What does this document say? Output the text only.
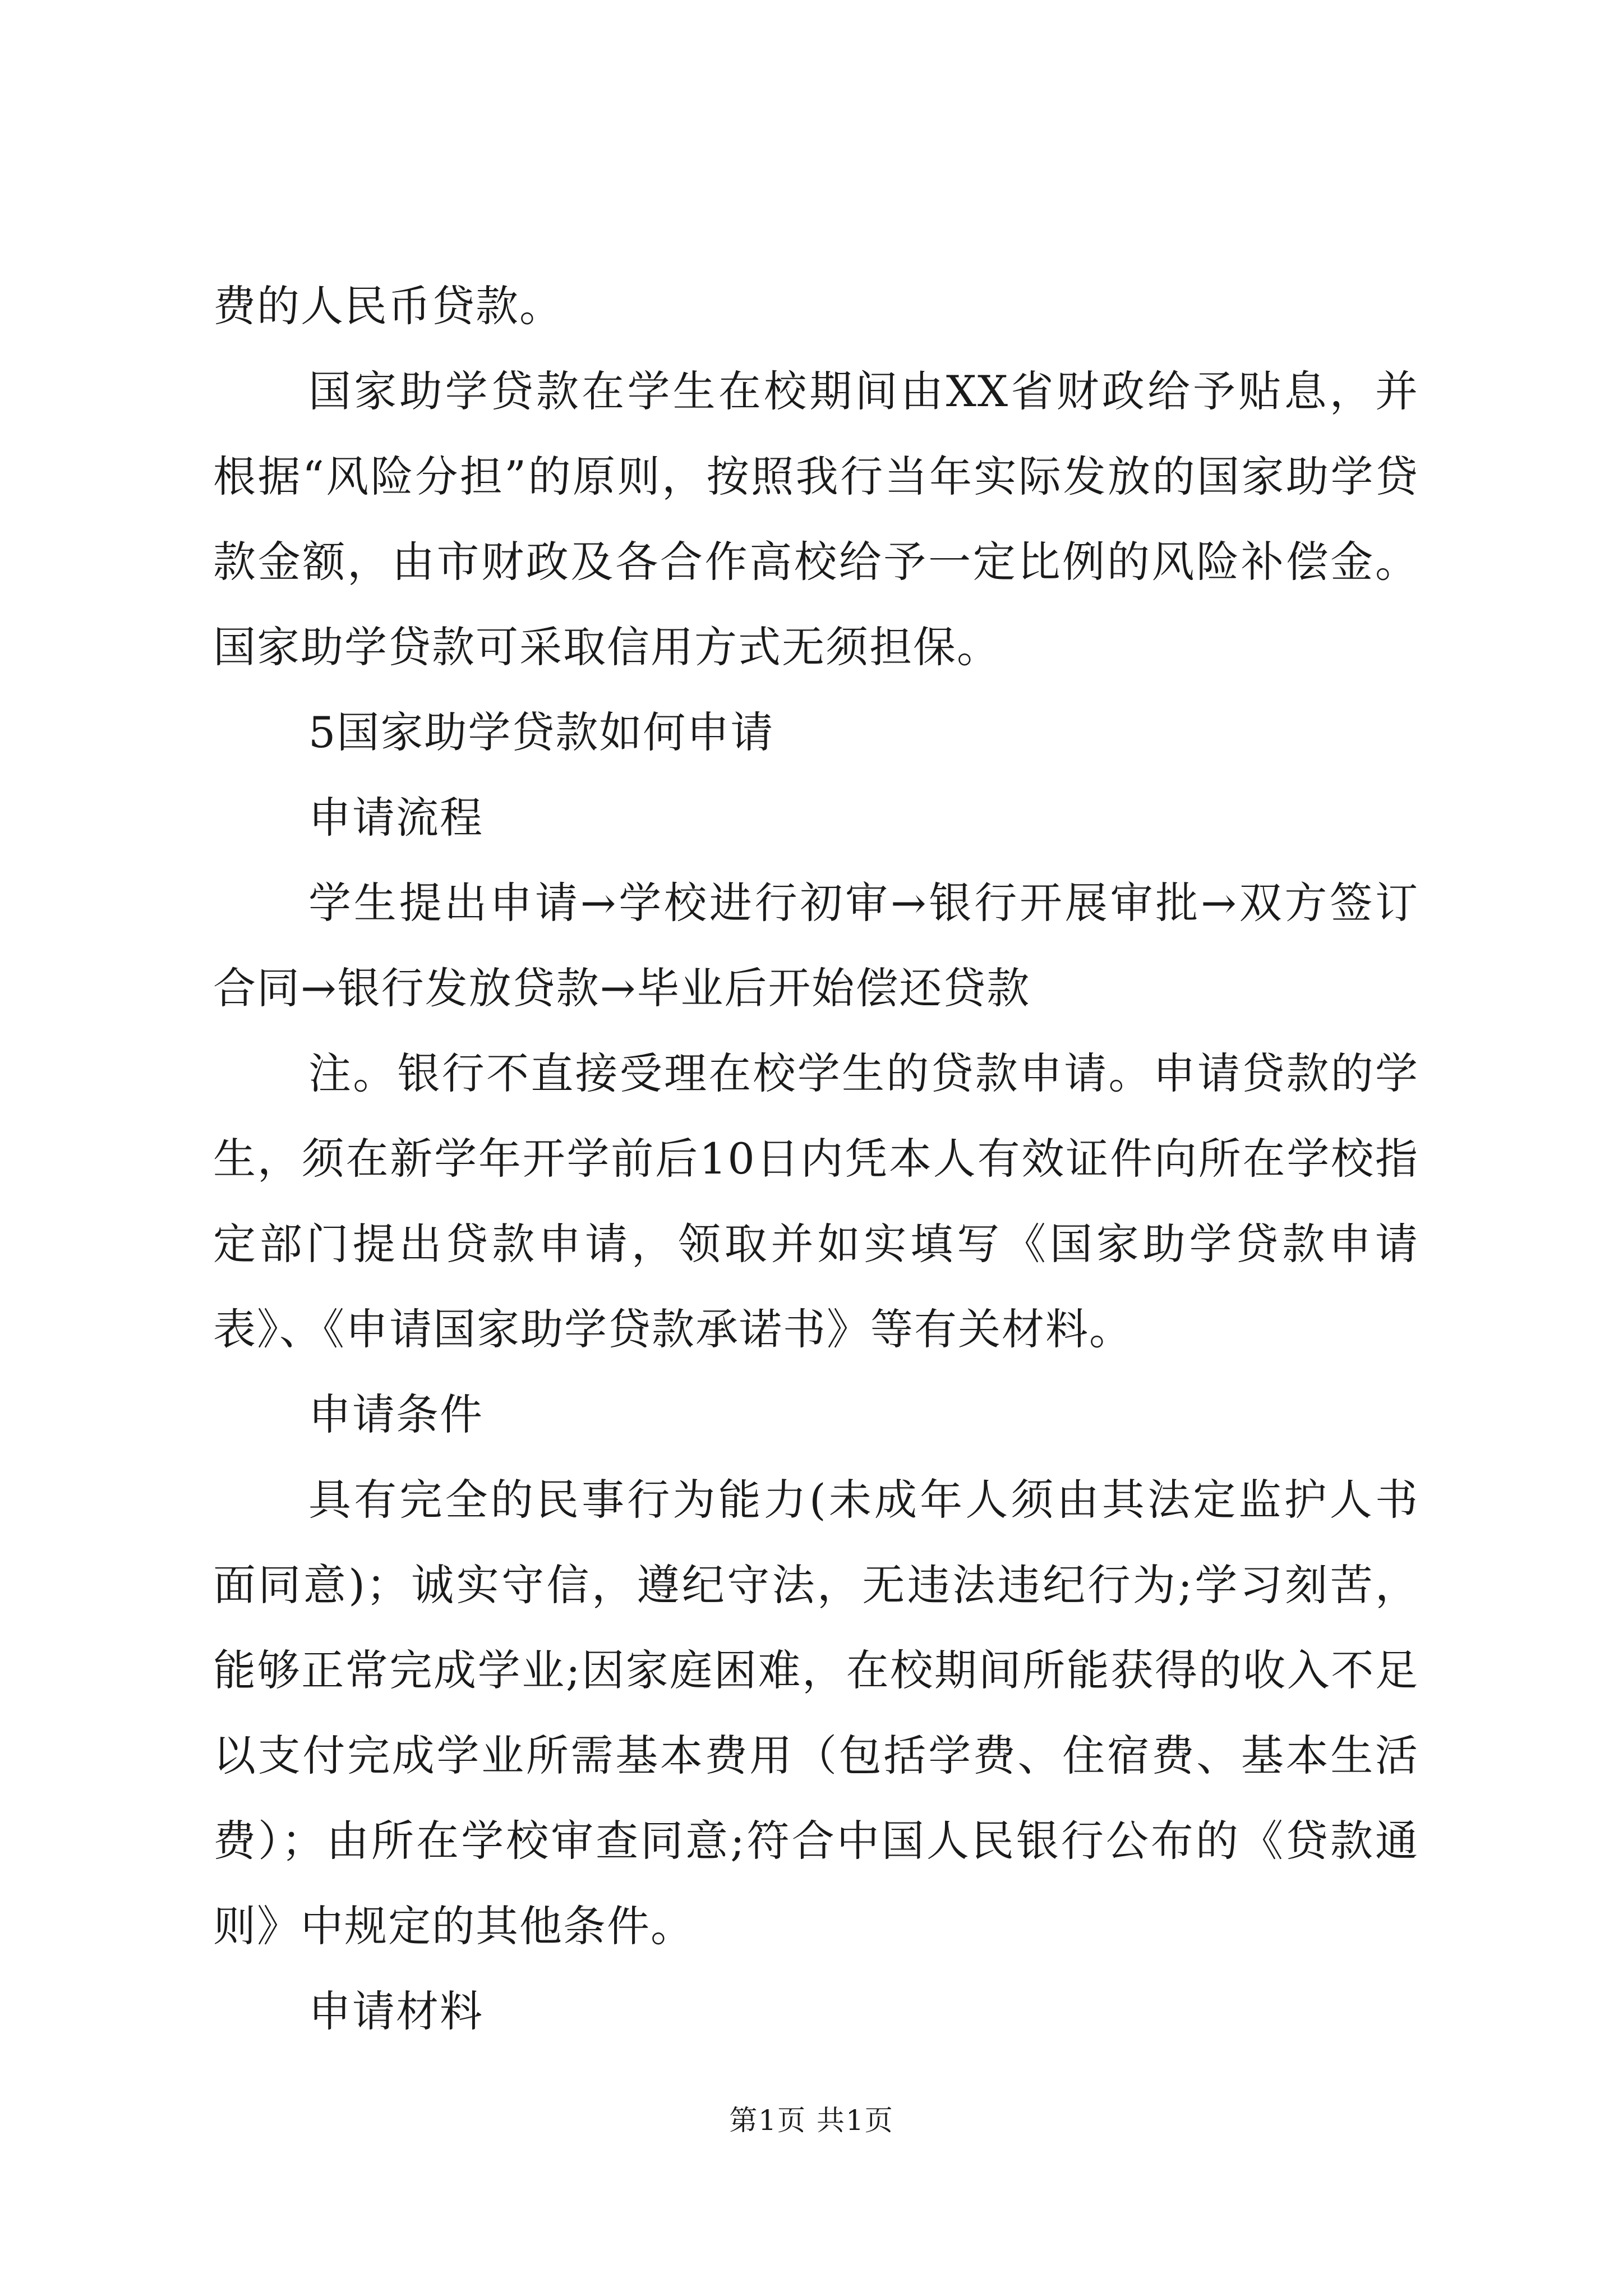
费的人民币贷款。

国家助学贷款在学生在校期间由XX省财政给予贴息，并根据“风险分担”的原则，按照我行当年实际发放的国家助学贷款金额，由市财政及各合作高校给予一定比例的风险补偿金。国家助学贷款可采取信用方式无须担保。

5国家助学贷款如何申请

申请流程

学生提出申请→学校进行初审→银行开展审批→双方签订合同→银行发放贷款→毕业后开始偿还贷款

注。银行不直接受理在校学生的贷款申请。申请贷款的学生，须在新学年开学前后10日内凭本人有效证件向所在学校指定部门提出贷款申请，领取并如实填写《国家助学贷款申请表》、《申请国家助学贷款承诺书》等有关材料。

申请条件

具有完全的民事行为能力(未成年人须由其法定监护人书面同意)；诚实守信，遵纪守法，无违法违纪行为;学习刻苦，能够正常完成学业;因家庭困难，在校期间所能获得的收入不足以支付完成学业所需基本费用（包括学费、住宿费、基本生活费）；由所在学校审查同意;符合中国人民银行公布的《贷款通则》中规定的其他条件。

申请材料

第1页 共1页
